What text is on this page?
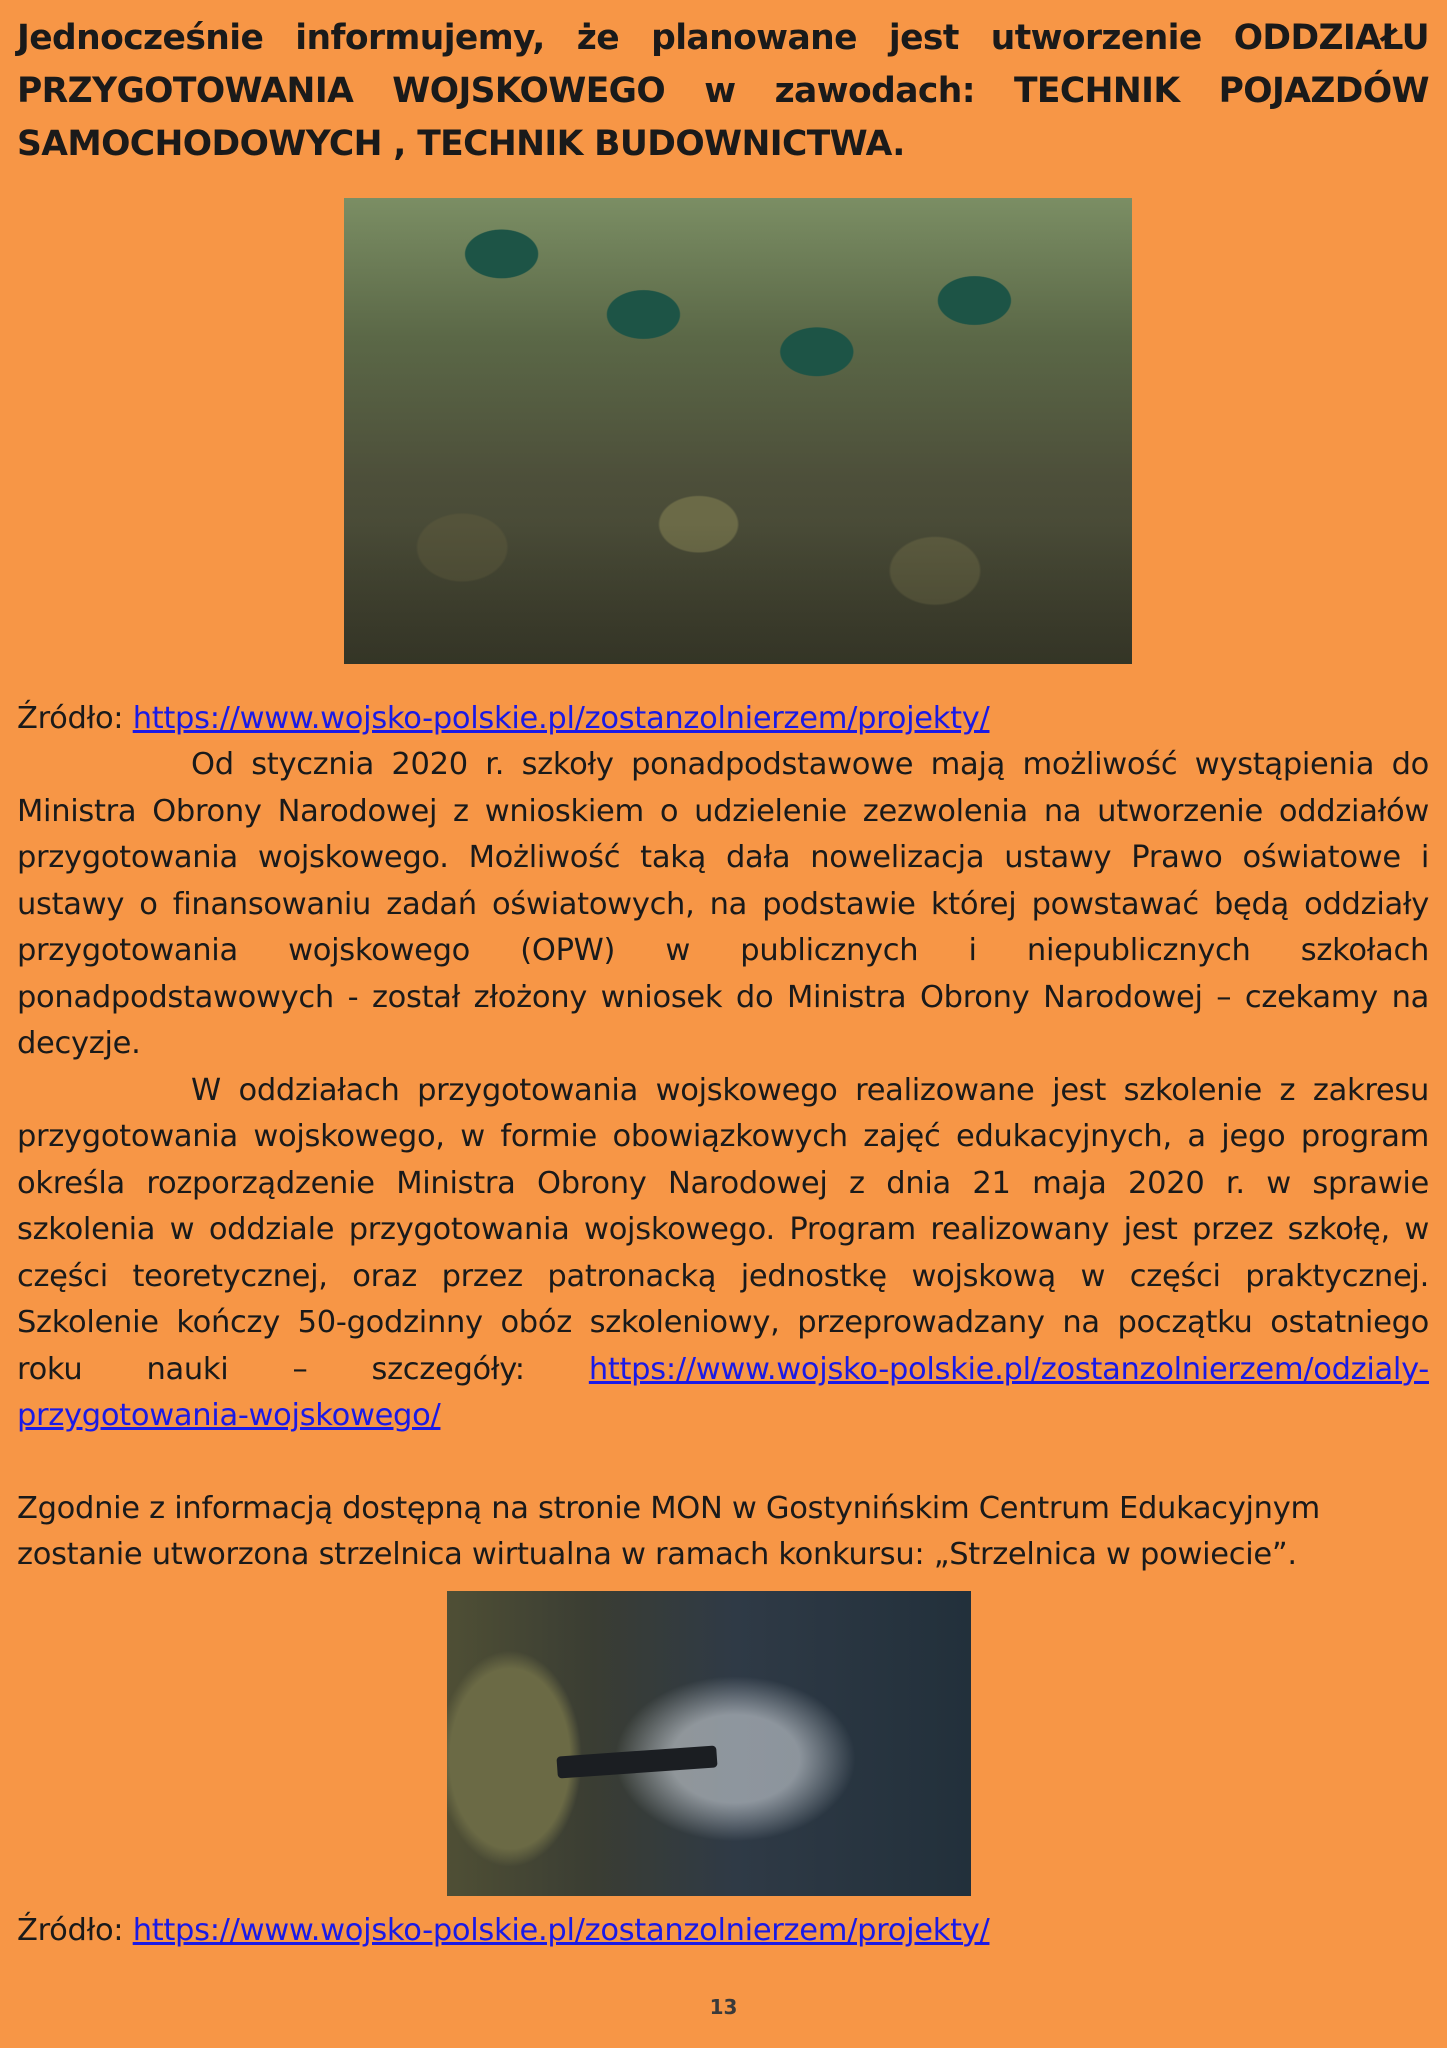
Jednocześnie informujemy, że planowane jest utworzenie ODDZIAŁU PRZYGOTOWANIA WOJSKOWEGO w zawodach: TECHNIK POJAZDÓW SAMOCHODOWYCH , TECHNIK BUDOWNICTWA.

Źródło: https://www.wojsko-polskie.pl/zostanzolnierzem/projekty/

Od stycznia 2020 r. szkoły ponadpodstawowe mają możliwość wystąpienia do Ministra Obrony Narodowej z wnioskiem o udzielenie zezwolenia na utworzenie oddziałów przygotowania wojskowego. Możliwość taką dała nowelizacja ustawy Prawo oświatowe i ustawy o finansowaniu zadań oświatowych, na podstawie której powstawać będą oddziały przygotowania wojskowego (OPW) w publicznych i niepublicznych szkołach ponadpodstawowych - został złożony wniosek do Ministra Obrony Narodowej – czekamy na decyzje.

W oddziałach przygotowania wojskowego realizowane jest szkolenie z zakresu przygotowania wojskowego, w formie obowiązkowych zajęć edukacyjnych, a jego program określa rozporządzenie Ministra Obrony Narodowej z dnia 21 maja 2020 r. w sprawie szkolenia w oddziale przygotowania wojskowego. Program realizowany jest przez szkołę, w części teoretycznej, oraz przez patronacką jednostkę wojskową w części praktycznej. Szkolenie kończy 50-godzinny obóz szkoleniowy, przeprowadzany na początku ostatniego roku nauki – szczegóły: https://www.wojsko-polskie.pl/zostanzolnierzem/odzialy-przygotowania-wojskowego/

Zgodnie z informacją dostępną na stronie MON w Gostynińskim Centrum Edukacyjnym zostanie utworzona strzelnica wirtualna w ramach konkursu: „Strzelnica w powiecie”.

Źródło: https://www.wojsko-polskie.pl/zostanzolnierzem/projekty/

13
